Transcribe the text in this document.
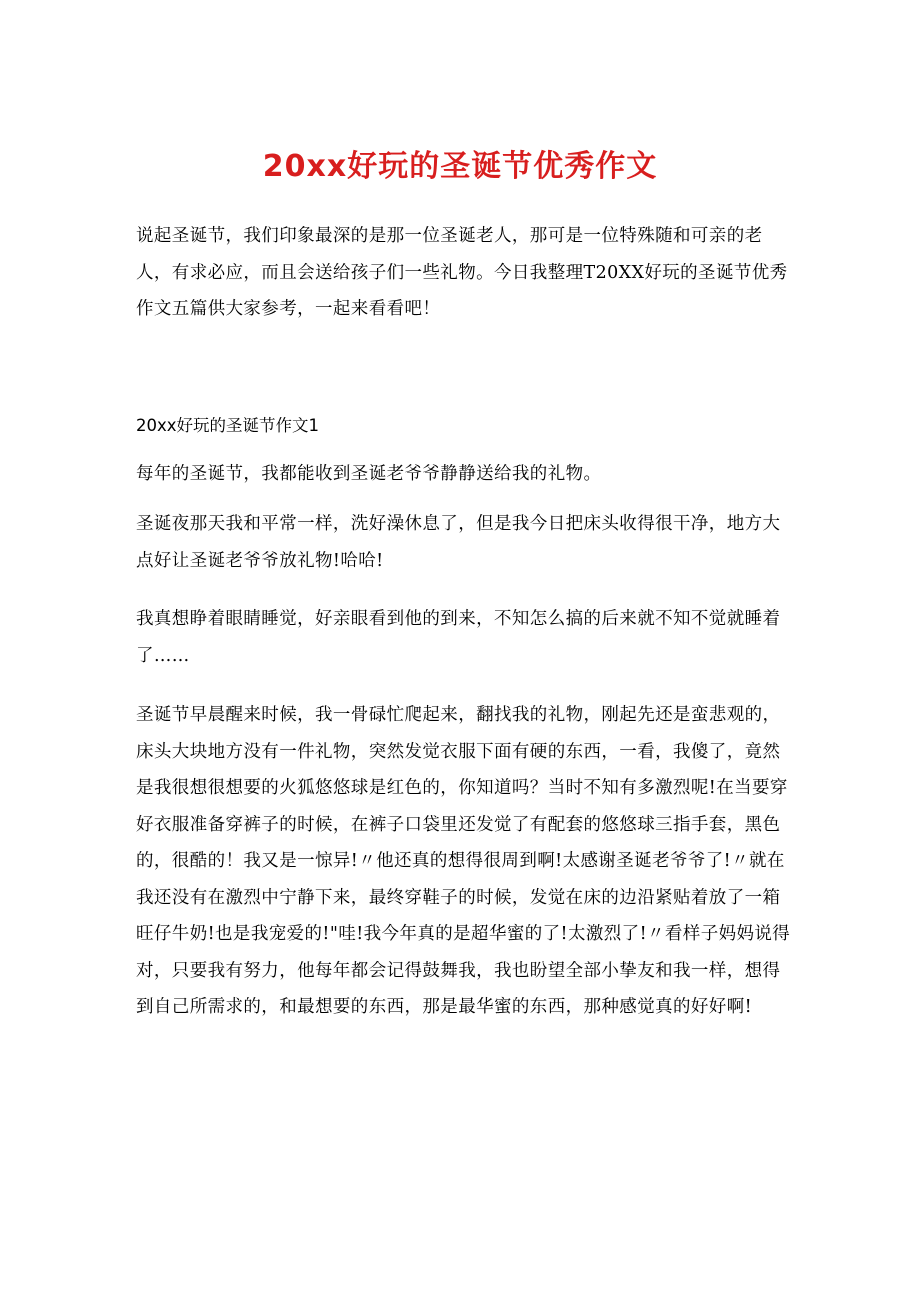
20xx好玩的圣诞节优秀作文
说起圣诞节，我们印象最深的是那一位圣诞老人，那可是一位特殊随和可亲的老人，有求必应，而且会送给孩子们一些礼物。今日我整理T20XX好玩的圣诞节优秀作文五篇供大家参考，一起来看看吧！
20xx好玩的圣诞节作文1
每年的圣诞节，我都能收到圣诞老爷爷静静送给我的礼物。
圣诞夜那天我和平常一样，洗好澡休息了，但是我今日把床头收得很干净，地方大点好让圣诞老爷爷放礼物!哈哈!
我真想睁着眼睛睡觉，好亲眼看到他的到来，不知怎么搞的后来就不知不觉就睡着了……
圣诞节早晨醒来时候，我一骨碌忙爬起来，翻找我的礼物，刚起先还是蛮悲观的，床头大块地方没有一件礼物，突然发觉衣服下面有硬的东西，一看，我傻了，竟然是我很想很想要的火狐悠悠球是红色的，你知道吗？当时不知有多激烈呢!在当要穿好衣服准备穿裤子的时候，在裤子口袋里还发觉了有配套的悠悠球三指手套，黑色的，很酷的！我又是一惊异!〃他还真的想得很周到啊!太感谢圣诞老爷爷了!〃就在我还没有在激烈中宁静下来，最终穿鞋子的时候，发觉在床的边沿紧贴着放了一箱旺仔牛奶!也是我宠爱的!"哇!我今年真的是超华蜜的了!太激烈了!〃看样子妈妈说得对，只要我有努力，他每年都会记得鼓舞我，我也盼望全部小挚友和我一样，想得到自己所需求的，和最想要的东西，那是最华蜜的东西，那种感觉真的好好啊!
